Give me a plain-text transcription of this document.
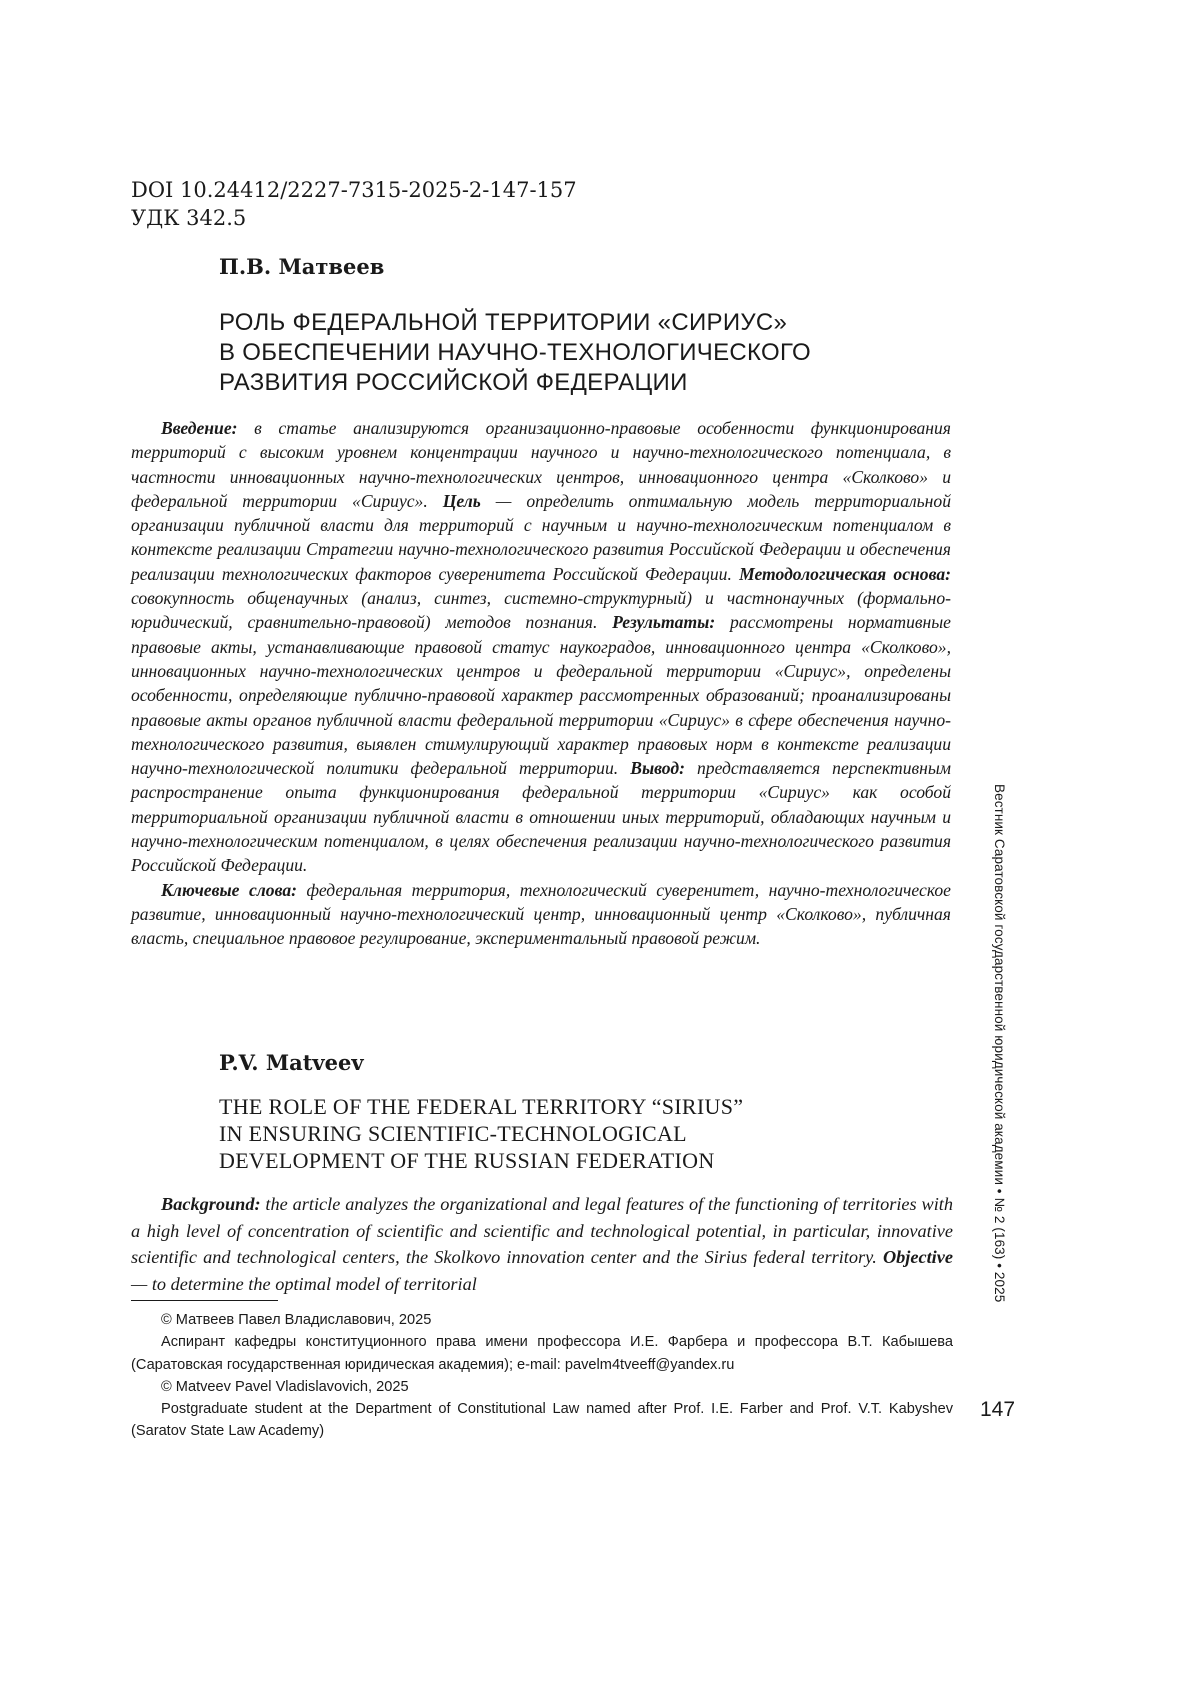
DOI 10.24412/2227-7315-2025-2-147-157
УДК 342.5
П.В. Матвеев
РОЛЬ ФЕДЕРАЛЬНОЙ ТЕРРИТОРИИ «СИРИУС»
В ОБЕСПЕЧЕНИИ НАУЧНО-ТЕХНОЛОГИЧЕСКОГО
РАЗВИТИЯ РОССИЙСКОЙ ФЕДЕРАЦИИ

Введение: в статье анализируются организационно-правовые особенности функционирования территорий с высоким уровнем концентрации научного и научно-технологического потенциала, в частности инновационных научно-технологических центров, инновационного центра «Сколково» и федеральной территории «Сириус». Цель — определить оптимальную модель территориальной организации публичной власти для территорий с научным и научно-технологическим потенциалом в контексте реализации Стратегии научно-технологического развития Российской Федерации и обеспечения реализации технологических факторов суверенитета Российской Федерации. Методологическая основа: совокупность общенаучных (анализ, синтез, системно-структурный) и частнонаучных (формально-юридический, сравнительно-правовой) методов познания. Результаты: рассмотрены нормативные правовые акты, устанавливающие правовой статус наукоградов, инновационного центра «Сколково», инновационных научно-технологических центров и федеральной территории «Сириус», определены особенности, определяющие публично-правовой характер рассмотренных образований; проанализированы правовые акты органов публичной власти федеральной территории «Сириус» в сфере обеспечения научно-технологического развития, выявлен стимулирующий характер правовых норм в контексте реализации научно-технологической политики федеральной территории. Вывод: представляется перспективным распространение опыта функционирования федеральной территории «Сириус» как особой территориальной организации публичной власти в отношении иных территорий, обладающих научным и научно-технологическим потенциалом, в целях обеспечения реализации научно-технологического развития Российской Федерации.

Ключевые слова: федеральная территория, технологический суверенитет, научно-технологическое развитие, инновационный научно-технологический центр, инновационный центр «Сколково», публичная власть, специальное правовое регулирование, экспериментальный правовой режим.

P.V. Matveev
THE ROLE OF THE FEDERAL TERRITORY “SIRIUS”
IN ENSURING SCIENTIFIC-TECHNOLOGICAL
DEVELOPMENT OF THE RUSSIAN FEDERATION

Background: the article analyzes the organizational and legal features of the functioning of territories with a high level of concentration of scientific and scientific and technological potential, in particular, innovative scientific and technological centers, the Skolkovo innovation center and the Sirius federal territory. Objective — to determine the optimal model of territorial

© Матвеев Павел Владиславович, 2025

Аспирант кафедры конституционного права имени профессора И.Е. Фарбера и профессора В.Т. Кабышева (Саратовская государственная юридическая академия); e-mail: pavelm4tveeff@yandex.ru

© Matveev Pavel Vladislavovich, 2025

Postgraduate student at the Department of Constitutional Law named after Prof. I.E. Farber and Prof. V.T. Kabyshev (Saratov State Law Academy)

147
Вестник Саратовской государственной юридической академии • № 2 (163) • 2025
